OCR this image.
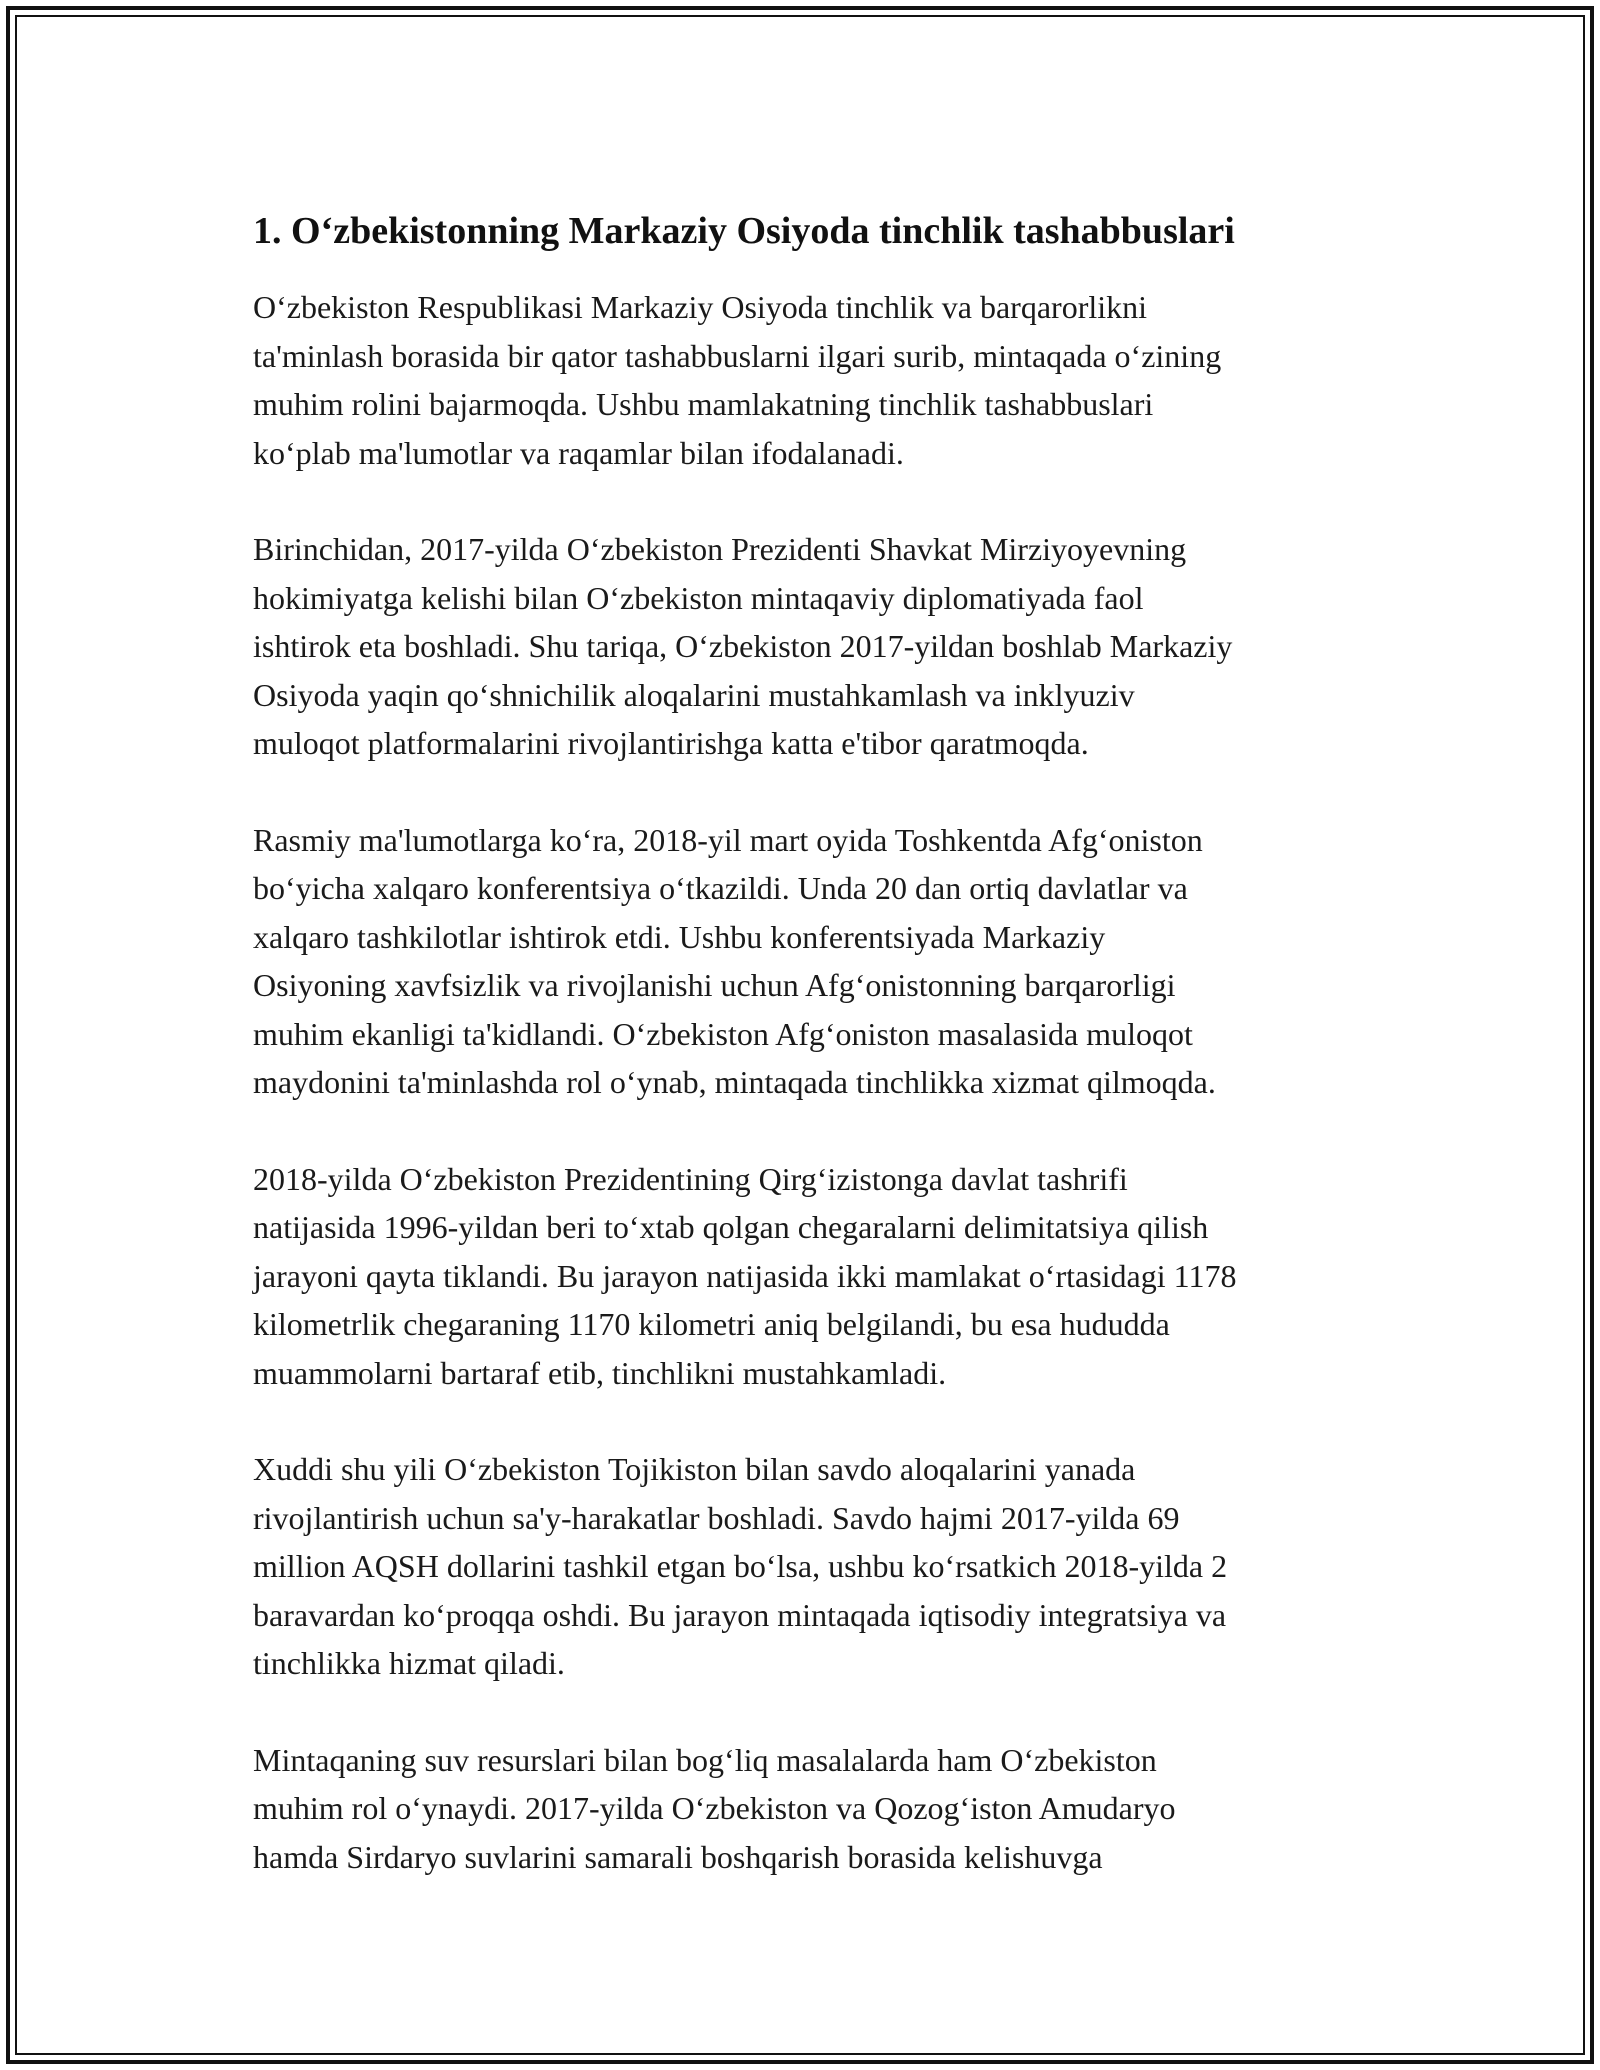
1. O‘zbekistonning Markaziy Osiyoda tinchlik tashabbuslari

O‘zbekiston Respublikasi Markaziy Osiyoda tinchlik va barqarorlikni
ta'minlash borasida bir qator tashabbuslarni ilgari surib, mintaqada o‘zining
muhim rolini bajarmoqda. Ushbu mamlakatning tinchlik tashabbuslari
ko‘plab ma'lumotlar va raqamlar bilan ifodalanadi.

Birinchidan, 2017-yilda O‘zbekiston Prezidenti Shavkat Mirziyoyevning
hokimiyatga kelishi bilan O‘zbekiston mintaqaviy diplomatiyada faol
ishtirok eta boshladi. Shu tariqa, O‘zbekiston 2017-yildan boshlab Markaziy
Osiyoda yaqin qo‘shnichilik aloqalarini mustahkamlash va inklyuziv
muloqot platformalarini rivojlantirishga katta e'tibor qaratmoqda.

Rasmiy ma'lumotlarga ko‘ra, 2018-yil mart oyida Toshkentda Afg‘oniston
bo‘yicha xalqaro konferentsiya o‘tkazildi. Unda 20 dan ortiq davlatlar va
xalqaro tashkilotlar ishtirok etdi. Ushbu konferentsiyada Markaziy
Osiyoning xavfsizlik va rivojlanishi uchun Afg‘onistonning barqarorligi
muhim ekanligi ta'kidlandi. O‘zbekiston Afg‘oniston masalasida muloqot
maydonini ta'minlashda rol o‘ynab, mintaqada tinchlikka xizmat qilmoqda.

2018-yilda O‘zbekiston Prezidentining Qirg‘izistonga davlat tashrifi
natijasida 1996-yildan beri to‘xtab qolgan chegaralarni delimitatsiya qilish
jarayoni qayta tiklandi. Bu jarayon natijasida ikki mamlakat o‘rtasidagi 1178
kilometrlik chegaraning 1170 kilometri aniq belgilandi, bu esa hududda
muammolarni bartaraf etib, tinchlikni mustahkamladi.

Xuddi shu yili O‘zbekiston Tojikiston bilan savdo aloqalarini yanada
rivojlantirish uchun sa'y-harakatlar boshladi. Savdo hajmi 2017-yilda 69
million AQSH dollarini tashkil etgan bo‘lsa, ushbu ko‘rsatkich 2018-yilda 2
baravardan ko‘proqqa oshdi. Bu jarayon mintaqada iqtisodiy integratsiya va
tinchlikka hizmat qiladi.

Mintaqaning suv resurslari bilan bog‘liq masalalarda ham O‘zbekiston
muhim rol o‘ynaydi. 2017-yilda O‘zbekiston va Qozog‘iston Amudaryo
hamda Sirdaryo suvlarini samarali boshqarish borasida kelishuvga
